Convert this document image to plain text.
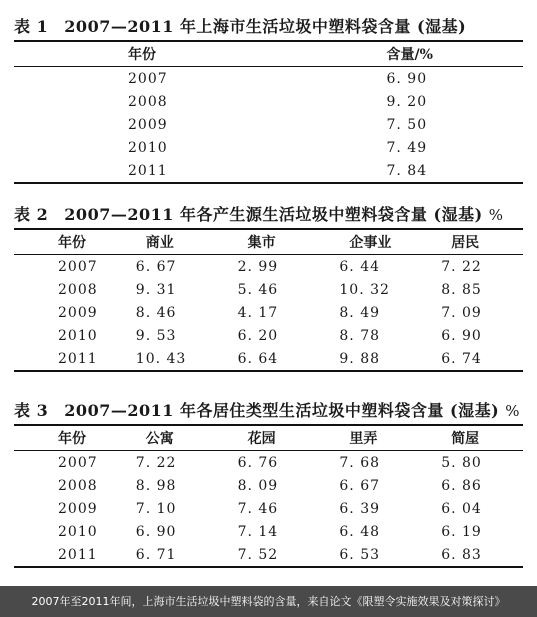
表 1 2007—2011 年上海市生活垃圾中塑料袋含量 (湿基)
年份	含量/%
2007	6. 90
2008	9. 20
2009	7. 50
2010	7. 49
2011	7. 84
表 2 2007—2011 年各产生源生活垃圾中塑料袋含量 (湿基) %
年份	商业	集市	企事业	居民
2007	6. 67	2. 99	6. 44	7. 22
2008	9. 31	5. 46	10. 32	8. 85
2009	8. 46	4. 17	8. 49	7. 09
2010	9. 53	6. 20	8. 78	6. 90
2011	10. 43	6. 64	9. 88	6. 74
表 3 2007—2011 年各居住类型生活垃圾中塑料袋含量 (湿基) %
年份	公寓	花园	里弄	简屋
2007	7. 22	6. 76	7. 68	5. 80
2008	8. 98	8. 09	6. 67	6. 86
2009	7. 10	7. 46	6. 39	6. 04
2010	6. 90	7. 14	6. 48	6. 19
2011	6. 71	7. 52	6. 53	6. 83
2007年至2011年间，上海市生活垃圾中塑料袋的含量，来自论文《限塑令实施效果及对策探讨》
